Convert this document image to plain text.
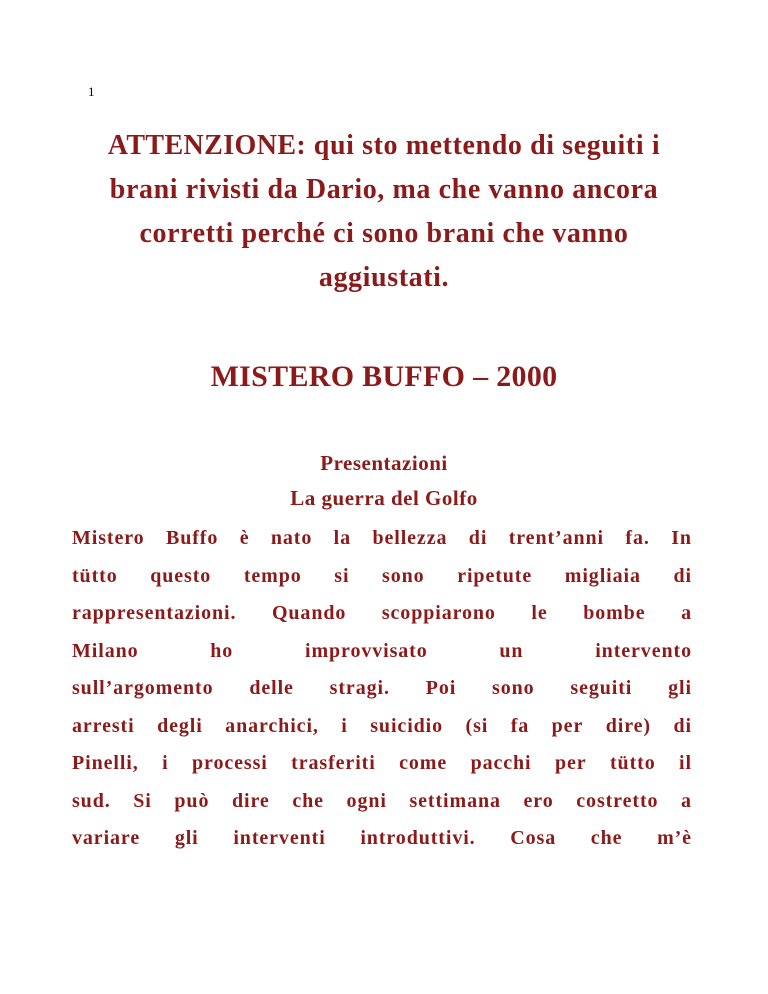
1
ATTENZIONE: qui sto mettendo di seguiti i
brani rivisti da Dario, ma che vanno ancora
corretti perché ci sono brani che vanno
aggiustati.
MISTERO BUFFO – 2000
Presentazioni
La guerra del Golfo
Mistero Buffo è nato la bellezza di trent’anni fa. In
tütto questo tempo si sono ripetute migliaia di
rappresentazioni. Quando scoppiarono le bombe a
Milano	ho	improvvisato	un	intervento
sull’argomento delle stragi. Poi sono seguiti gli
arresti degli anarchici, i suicidio (si fa per dire) di
Pinelli, i processi trasferiti come pacchi per tütto il
sud. Si può dire che ogni settimana ero costretto a
variare gli interventi introduttivi. Cosa che m’è
